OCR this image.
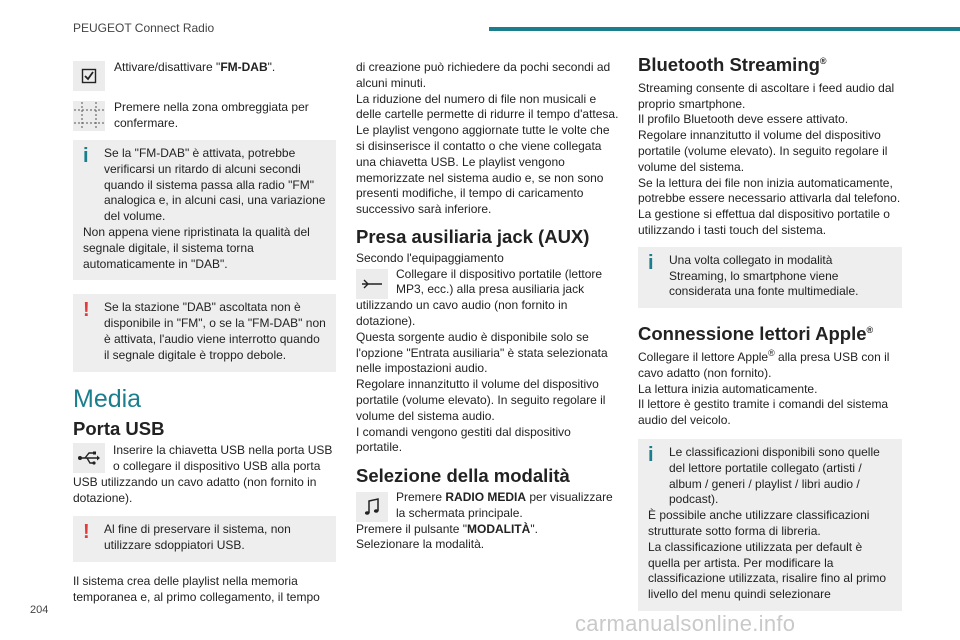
PEUGEOT Connect Radio

Attivare/disattivare "FM-DAB".

Premere nella zona ombreggiata per confermare.

i	Se la "FM-DAB" è attivata, potrebbe verificarsi un ritardo di alcuni secondi quando il sistema passa alla radio "FM" analogica e, in alcuni casi, una variazione del volume.

Non appena viene ripristinata la qualità del segnale digitale, il sistema torna automaticamente in "DAB".

!	Se la stazione "DAB" ascoltata non è disponibile in "FM", o se la "FM-DAB" non è attivata, l'audio viene interrotto quando il segnale digitale è troppo debole.

Media
Porta USB

Inserire la chiavetta USB nella porta USB o collegare il dispositivo USB alla porta USB utilizzando un cavo adatto (non fornito in dotazione).

!	Al fine di preservare il sistema, non utilizzare sdoppiatori USB.

Il sistema crea delle playlist nella memoria temporanea e, al primo collegamento, il tempo

di creazione può richiedere da pochi secondi ad alcuni minuti.

La riduzione del numero di file non musicali e delle cartelle permette di ridurre il tempo d'attesa.

Le playlist vengono aggiornate tutte le volte che si disinserisce il contatto o che viene collegata una chiavetta USB. Le playlist vengono memorizzate nel sistema audio e, se non sono presenti modifiche, il tempo di caricamento successivo sarà inferiore.

Presa ausiliaria jack (AUX)

Secondo l'equipaggiamento

Collegare il dispositivo portatile (lettore MP3, ecc.) alla presa ausiliaria jack utilizzando un cavo audio (non fornito in dotazione).

Questa sorgente audio è disponibile solo se l'opzione "Entrata ausiliaria" è stata selezionata nelle impostazioni audio.

Regolare innanzitutto il volume del dispositivo portatile (volume elevato). In seguito regolare il volume del sistema audio.

I comandi vengono gestiti dal dispositivo portatile.

Selezione della modalità

Premere RADIO MEDIA per visualizzare la schermata principale.

Premere il pulsante "MODALITÀ".

Selezionare la modalità.

Bluetooth Streaming®

Streaming consente di ascoltare i feed audio dal proprio smartphone.

Il profilo Bluetooth deve essere attivato.

Regolare innanzitutto il volume del dispositivo portatile (volume elevato). In seguito regolare il volume del sistema.

Se la lettura dei file non inizia automaticamente, potrebbe essere necessario attivarla dal telefono.

La gestione si effettua dal dispositivo portatile o utilizzando i tasti touch del sistema.

i	Una volta collegato in modalità Streaming, lo smartphone viene considerata una fonte multimediale.

Connessione lettori Apple®

Collegare il lettore Apple® alla presa USB con il cavo adatto (non fornito).

La lettura inizia automaticamente.

Il lettore è gestito tramite i comandi del sistema audio del veicolo.

i	Le classificazioni disponibili sono quelle del lettore portatile collegato (artisti / album / generi / playlist / libri audio / podcast).

È possibile anche utilizzare classificazioni strutturate sotto forma di libreria.

La classificazione utilizzata per default è quella per artista. Per modificare la classificazione utilizzata, risalire fino al primo livello del menu quindi selezionare

204
carmanualsonline.info
